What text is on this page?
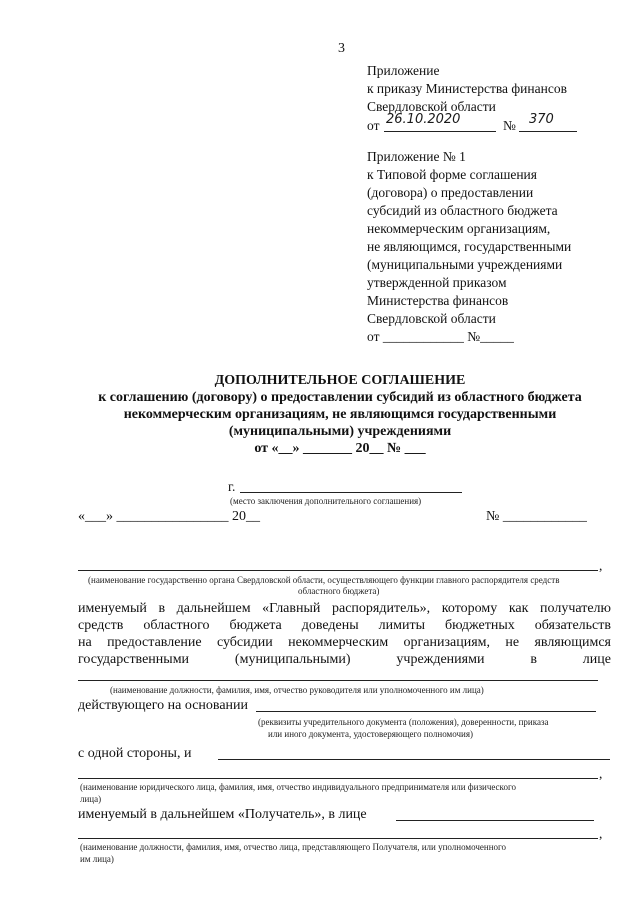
3
Приложение
к приказу Министерства финансов
Свердловской области
от 26.10.2020	№ 370
Приложение № 1
к Типовой форме соглашения
(договора) о предоставлении
субсидий из областного бюджета
некоммерческим организациям,
не являющимся, государственными
(муниципальными учреждениями
утвержденной приказом
Министерства финансов
Свердловской области
от ____________ №_____
ДОПОЛНИТЕЛЬНОЕ СОГЛАШЕНИЕ
к соглашению (договору) о предоставлении субсидий из областного бюджета
некоммерческим организациям, не являющимся государственными
(муниципальными) учреждениями
от «__» _______ 20__ № ___
г.
(место заключения дополнительного соглашения)
«___» ________________ 20__	№ ____________
,
(наименование государственно органа Свердловской области, осуществляющего функции главного распорядителя средств
областного бюджета)
именуемый в дальнейшем «Главный распорядитель», которому как получателю
средств областного бюджета доведены лимиты бюджетных обязательств
на предоставление субсидии некоммерческим организациям, не являющимся
государственными (муниципальными) учреждениями в лице
(наименование должности, фамилия, имя, отчество руководителя или уполномоченного им лица)
действующего на основании
(реквизиты учредительного документа (положения), доверенности, приказа
или иного документа, удостоверяющего полномочия)
с одной стороны, и
,
(наименование юридического лица, фамилия, имя, отчество индивидуального предпринимателя или физического
лица)
именуемый в дальнейшем «Получатель», в лице
,
(наименование должности, фамилия, имя, отчество лица, представляющего Получателя, или уполномоченного
им лица)
